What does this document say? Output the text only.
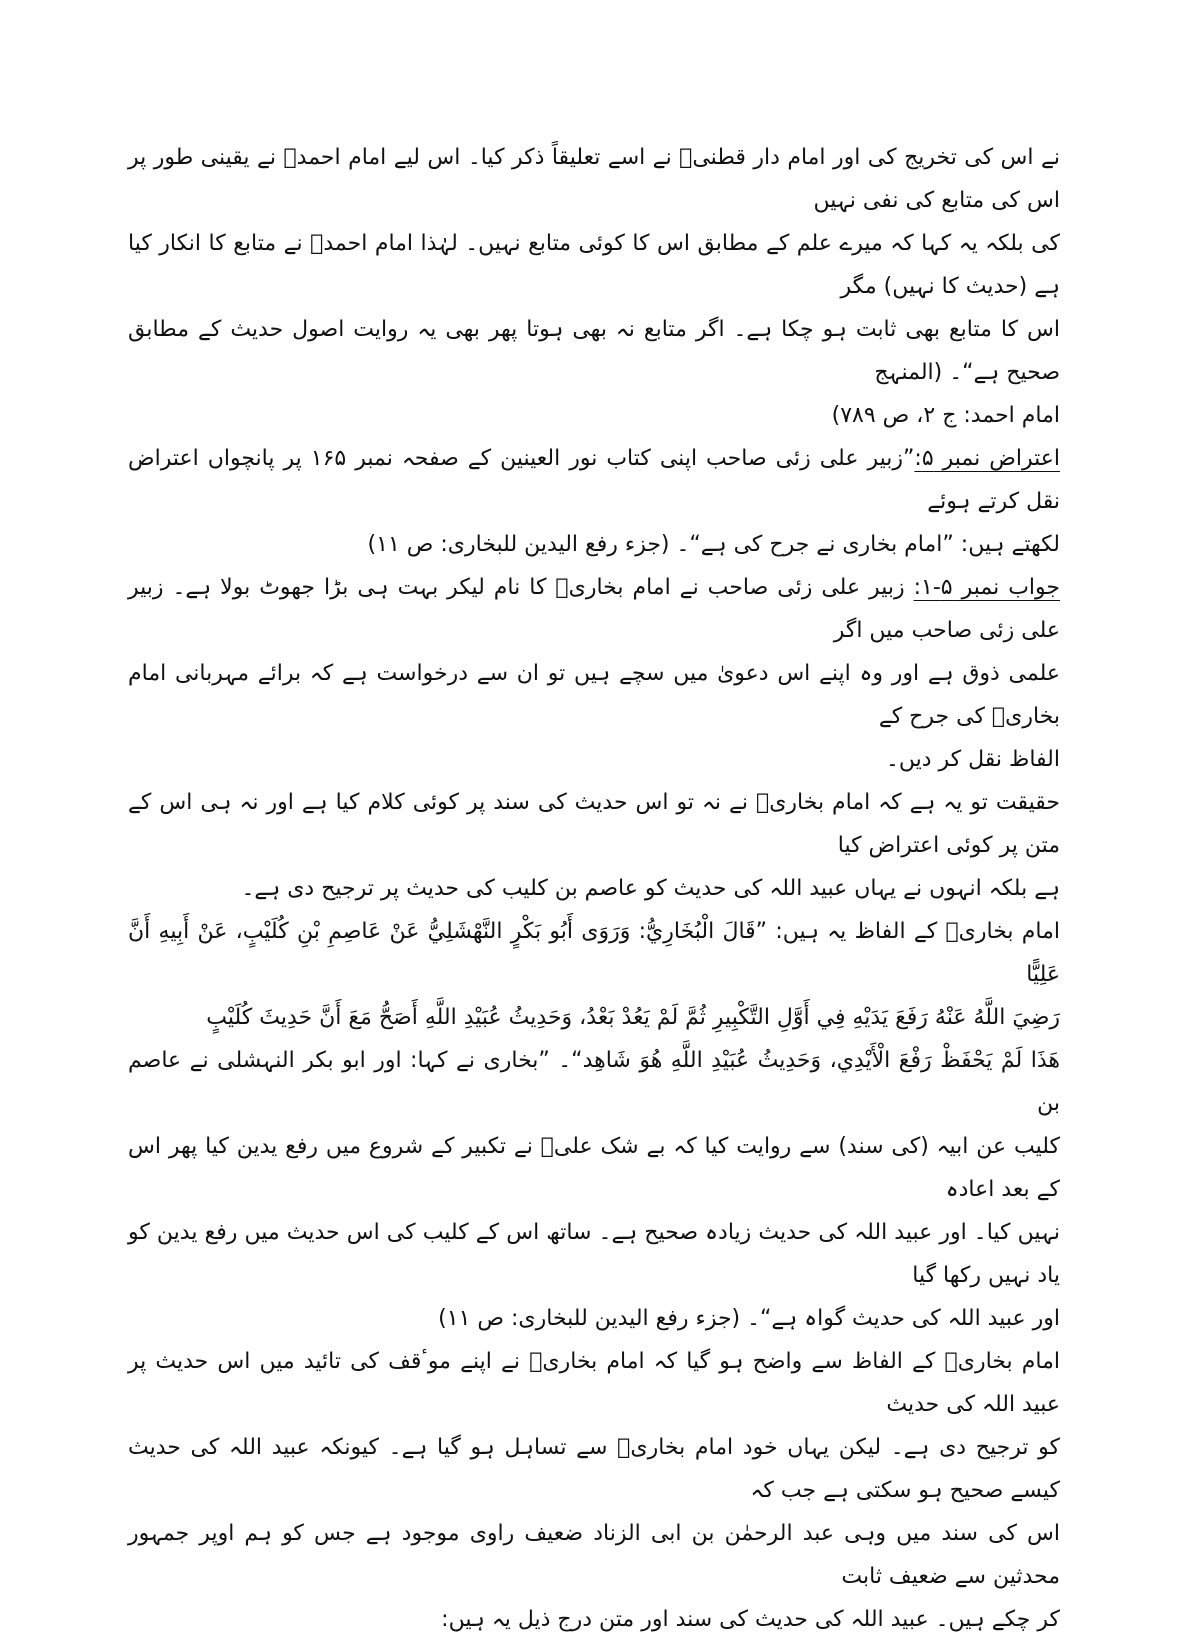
نے اس کی تخریج کی اور امام دار قطنیؒ نے اسے تعلیقاً ذکر کیا۔ اس لیے امام احمدؒ نے یقینی طور پر اس کی متابع کی نفی نہیں
کی بلکہ یہ کہا کہ میرے علم کے مطابق اس کا کوئی متابع نہیں۔ لہٰذا امام احمدؒ نے متابع کا انکار کیا ہے (حدیث کا نہیں) مگر
اس کا متابع بھی ثابت ہو چکا ہے۔ اگر متابع نہ بھی ہوتا پھر بھی یہ روایت اصول حدیث کے مطابق صحیح ہے“۔ (المنہج
امام احمد: ج ۲، ص ۷۸۹)

اعتراض نمبر ۵:”زبیر علی زئی صاحب اپنی کتاب نور العینین کے صفحہ نمبر ۱۶۵ پر پانچواں اعتراض نقل کرتے ہوئے
لکھتے ہیں: ”امام بخاری نے جرح کی ہے“۔ (جزء رفع الیدین للبخاری: ص ۱۱)

جواب نمبر ۵-۱: زبیر علی زئی صاحب نے امام بخاریؒ کا نام لیکر بہت ہی بڑا جھوٹ بولا ہے۔ زبیر علی زئی صاحب میں اگر
علمی ذوق ہے اور وہ اپنے اس دعویٰ میں سچے ہیں تو ان سے درخواست ہے کہ برائے مہربانی امام بخاریؒ کی جرح کے
الفاظ نقل کر دیں۔

حقیقت تو یہ ہے کہ امام بخاریؒ نے نہ تو اس حدیث کی سند پر کوئی کلام کیا ہے اور نہ ہی اس کے متن پر کوئی اعتراض کیا
ہے بلکہ انہوں نے یہاں عبید اللہ کی حدیث کو عاصم بن کلیب کی حدیث پر ترجیح دی ہے۔

امام بخاریؒ کے الفاظ یہ ہیں: ”قَالَ الْبُخَارِيُّ: وَرَوَى أَبُو بَكْرٍ النَّهْشَلِيُّ عَنْ عَاصِمِ بْنِ كُلَيْبٍ، عَنْ أَبِيهِ أَنَّ عَلِيًّا
رَضِيَ اللَّهُ عَنْهُ رَفَعَ يَدَيْهِ فِي أَوَّلِ التَّكْبِيرِ ثُمَّ لَمْ يَعُدْ بَعْدُ، وَحَدِيثُ عُبَيْدِ اللَّهِ أَصَحُّ مَعَ أَنَّ حَدِيثَ كُلَيْبٍ
هَذَا لَمْ يَحْفَظْ رَفْعَ الْأَيْدِي، وَحَدِيثُ عُبَيْدِ اللَّهِ هُوَ شَاهِد“۔ ”بخاری نے کہا: اور ابو بکر النہشلی نے عاصم بن
کلیب عن ابیہ (کی سند) سے روایت کیا کہ بے شک علیؓ نے تکبیر کے شروع میں رفع یدین کیا پھر اس کے بعد اعادہ
نہیں کیا۔ اور عبید اللہ کی حدیث زیادہ صحیح ہے۔ ساتھ اس کے کلیب کی اس حدیث میں رفع یدین کو یاد نہیں رکھا گیا
اور عبید اللہ کی حدیث گواہ ہے“۔ (جزء رفع الیدین للبخاری: ص ۱۱)

امام بخاریؒ کے الفاظ سے واضح ہو گیا کہ امام بخاریؒ نے اپنے موٴقف کی تائید میں اس حدیث پر عبید اللہ کی حدیث
کو ترجیح دی ہے۔ لیکن یہاں خود امام بخاریؒ سے تساہل ہو گیا ہے۔ کیونکہ عبید اللہ کی حدیث کیسے صحیح ہو سکتی ہے جب کہ
اس کی سند میں وہی عبد الرحمٰن بن ابی الزناد ضعیف راوی موجود ہے جس کو ہم اوپر جمہور محدثین سے ضعیف ثابت
کر چکے ہیں۔ عبید اللہ کی حدیث کی سند اور متن درج ذیل یہ ہیں:
